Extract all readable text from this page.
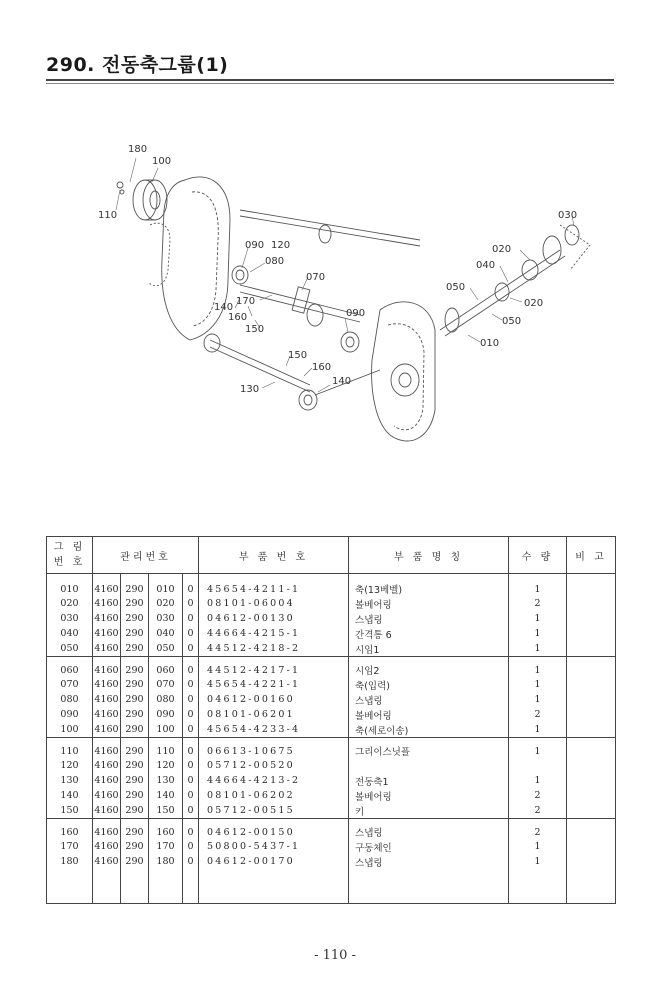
290. 전동축그룹(1)
180
100
110
090 120
080
070
170
140
160
150
090
150
160
140
130
030
020
040
050
020
050
010
그 림
번 호	관리번호				부 품 번 호	부 품 명 칭	수 량	비 고
010	4160	290	010	0	45654-4211-1	축(13베벨)	1	
020	4160	290	020	0	08101-06004	볼베어링	2	
030	4160	290	030	0	04612-00130	스냅링	1	
040	4160	290	040	0	44664-4215-1	간격통 6	1	
050	4160	290	050	0	44512-4218-2	시임1	1	
060	4160	290	060	0	44512-4217-1	시임2	1	
070	4160	290	070	0	45654-4221-1	축(입력)	1	
080	4160	290	080	0	04612-00160	스냅링	1	
090	4160	290	090	0	08101-06201	볼베어링	2	
100	4160	290	100	0	45654-4233-4	축(세로이송)	1	
110	4160	290	110	0	06613-10675	그리이스닛플	1	
120	4160	290	120	0	05712-00520			
130	4160	290	130	0	44664-4213-2	전동축1	1	
140	4160	290	140	0	08101-06202	볼베어링	2	
150	4160	290	150	0	05712-00515	키	2	
160	4160	290	160	0	04612-00150	스냅링	2	
170	4160	290	170	0	50800-5437-1	구동체인	1	
180	4160	290	180	0	04612-00170	스냅링	1	

- 110 -
